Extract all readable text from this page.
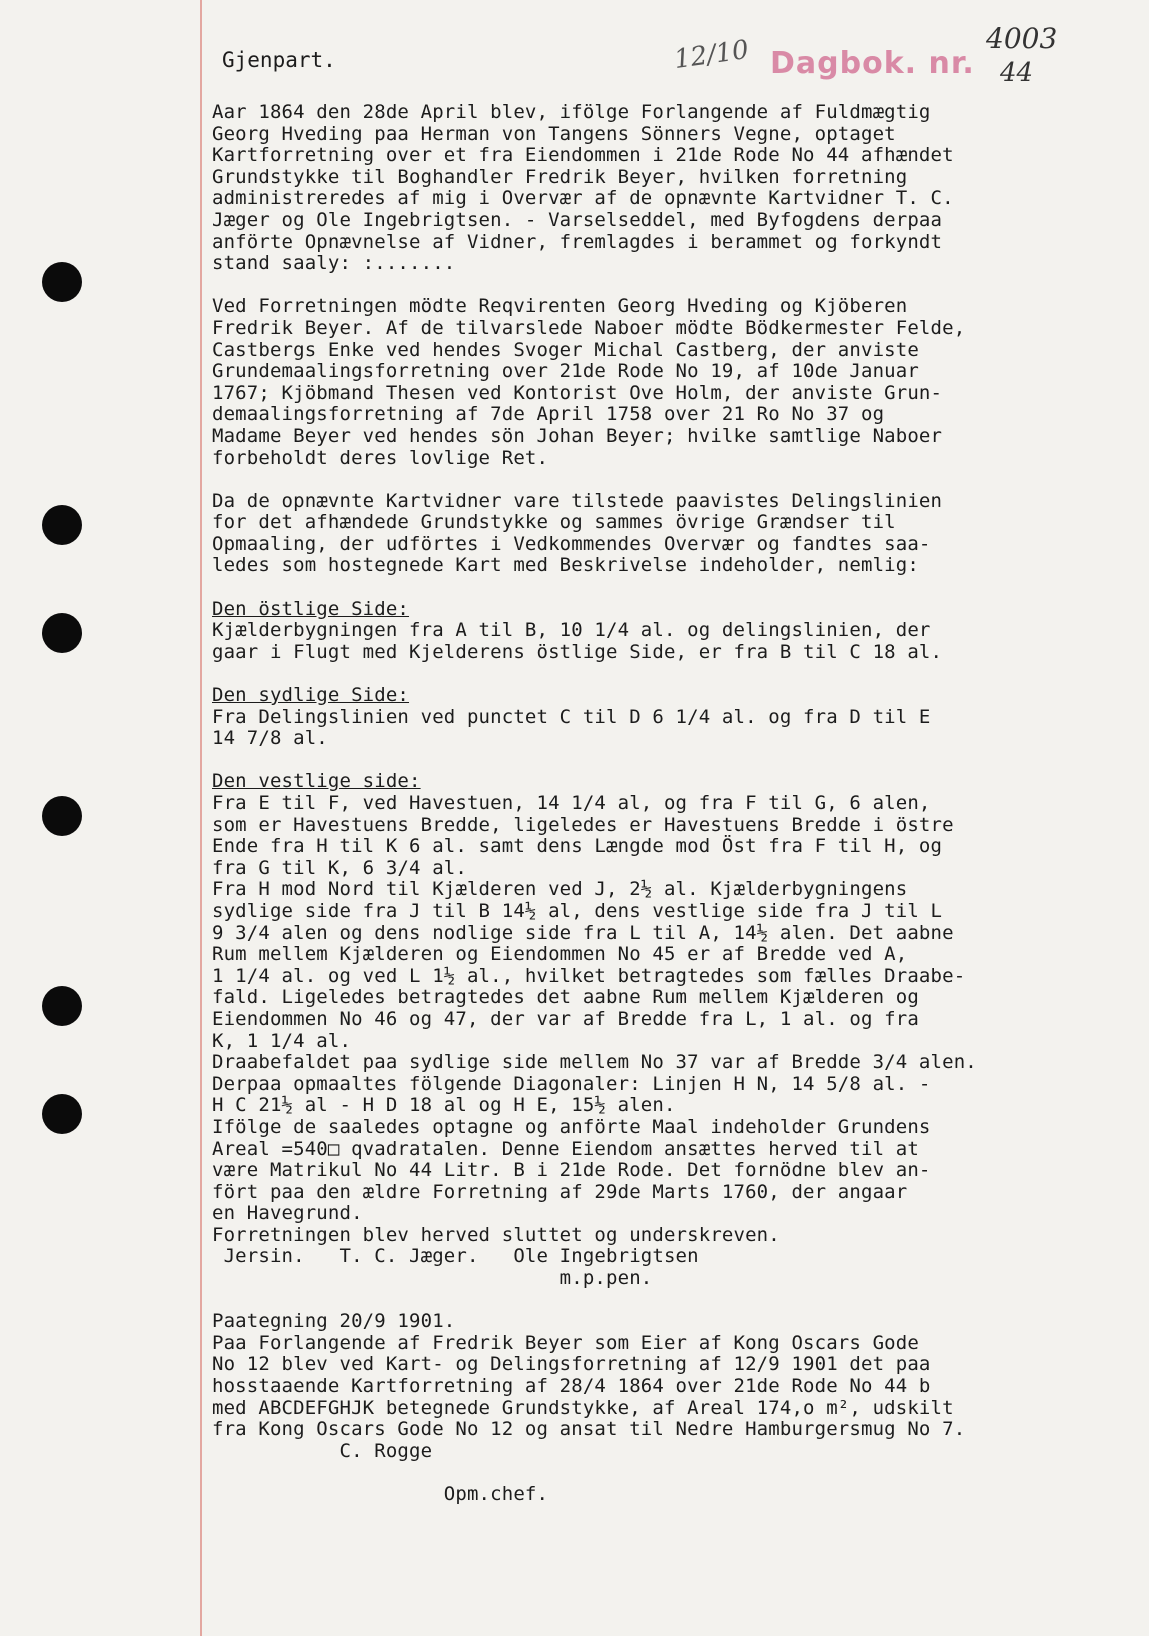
Gjenpart.	12/10 Dagbok. nr.
4003
44
Aar 1864 den 28de April blev, ifölge Forlangende af Fuldmægtig
Georg Hveding paa Herman von Tangens Sönners Vegne, optaget
Kartforretning over et fra Eiendommen i 21de Rode No 44 afhændet
Grundstykke til Boghandler Fredrik Beyer, hvilken forretning
administreredes af mig i Overvær af de opnævnte Kartvidner T. C.
Jæger og Ole Ingebrigtsen. - Varselseddel, med Byfogdens derpaa
anförte Opnævnelse af Vidner, fremlagdes i berammet og forkyndt
stand saaly: :.......
Ved Forretningen mödte Reqvirenten Georg Hveding og Kjöberen
Fredrik Beyer. Af de tilvarslede Naboer mödte Bödkermester Felde,
Castbergs Enke ved hendes Svoger Michal Castberg, der anviste
Grundemaalingsforretning over 21de Rode No 19, af 10de Januar
1767; Kjöbmand Thesen ved Kontorist Ove Holm, der anviste Grun-
demaalingsforretning af 7de April 1758 over 21 Ro No 37 og
Madame Beyer ved hendes sön Johan Beyer; hvilke samtlige Naboer
forbeholdt deres lovlige Ret.
Da de opnævnte Kartvidner vare tilstede paavistes Delingslinien
for det afhændede Grundstykke og sammes övrige Grændser til
Opmaaling, der udförtes i Vedkommendes Overvær og fandtes saa-
ledes som hostegnede Kart med Beskrivelse indeholder, nemlig:
Den östlige Side:
Kjælderbygningen fra A til B, 10 1/4 al. og delingslinien, der
gaar i Flugt med Kjelderens östlige Side, er fra B til C 18 al.
Den sydlige Side:
Fra Delingslinien ved punctet C til D 6 1/4 al. og fra D til E
14 7/8 al.
Den vestlige side:
Fra E til F, ved Havestuen, 14 1/4 al, og fra F til G, 6 alen,
som er Havestuens Bredde, ligeledes er Havestuens Bredde i östre
Ende fra H til K 6 al. samt dens Længde mod Öst fra F til H, og
fra G til K, 6 3/4 al.
Fra H mod Nord til Kjælderen ved J, 2½ al. Kjælderbygningens
sydlige side fra J til B 14½ al, dens vestlige side fra J til L
9 3/4 alen og dens nodlige side fra L til A, 14½ alen. Det aabne
Rum mellem Kjælderen og Eiendommen No 45 er af Bredde ved A,
1 1/4 al. og ved L 1½ al., hvilket betragtedes som fælles Draabe-
fald. Ligeledes betragtedes det aabne Rum mellem Kjælderen og
Eiendommen No 46 og 47, der var af Bredde fra L, 1 al. og fra
K, 1 1/4 al.
Draabefaldet paa sydlige side mellem No 37 var af Bredde 3/4 alen.
Derpaa opmaaltes fölgende Diagonaler: Linjen H N, 14 5/8 al. -
H C 21½ al - H D 18 al og H E, 15½ alen.
Ifölge de saaledes optagne og anförte Maal indeholder Grundens
Areal =540□ qvadratalen. Denne Eiendom ansættes herved til at
være Matrikul No 44 Litr. B i 21de Rode. Det fornödne blev an-
fört paa den ældre Forretning af 29de Marts 1760, der angaar
en Havegrund.
Forretningen blev herved sluttet og underskreven.
Jersin.   T. C. Jæger.   Ole Ingebrigtsen
m.p.pen.
Paategning 20/9 1901.
Paa Forlangende af Fredrik Beyer som Eier af Kong Oscars Gode
No 12 blev ved Kart- og Delingsforretning af 12/9 1901 det paa
hosstaaende Kartforretning af 28/4 1864 over 21de Rode No 44 b
med ABCDEFGHJK betegnede Grundstykke, af Areal 174,o m², udskilt
fra Kong Oscars Gode No 12 og ansat til Nedre Hamburgersmug No 7.
C. Rogge
Opm.chef.
